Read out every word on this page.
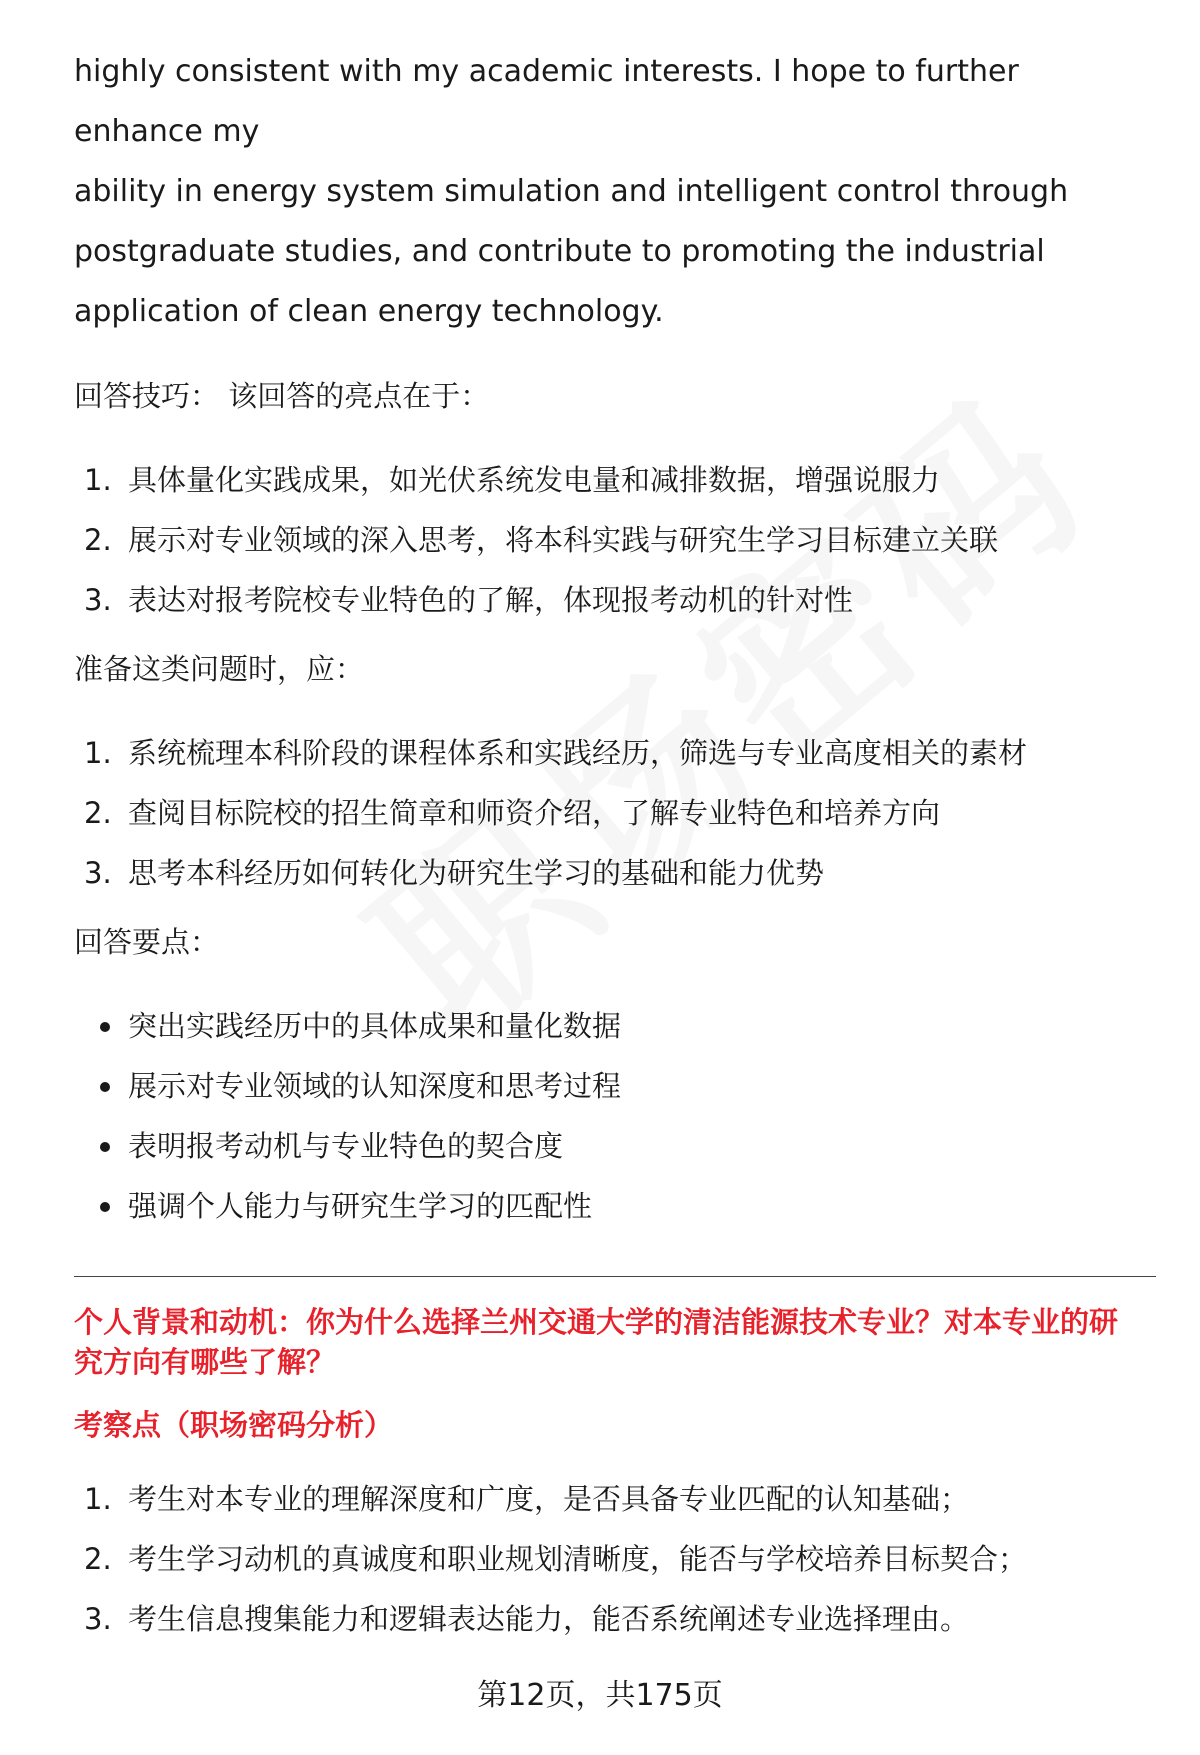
highly consistent with my academic interests. I hope to further enhance my

ability in energy system simulation and intelligent control through

postgraduate studies, and contribute to promoting the industrial

application of clean energy technology.

回答技巧： 该回答的亮点在于：

1. 具体量化实践成果，如光伏系统发电量和减排数据，增强说服力
2. 展示对专业领域的深入思考，将本科实践与研究生学习目标建立关联
3. 表达对报考院校专业特色的了解，体现报考动机的针对性

准备这类问题时，应：

1. 系统梳理本科阶段的课程体系和实践经历，筛选与专业高度相关的素材
2. 查阅目标院校的招生简章和师资介绍，了解专业特色和培养方向
3. 思考本科经历如何转化为研究生学习的基础和能力优势

回答要点：

突出实践经历中的具体成果和量化数据
展示对专业领域的认知深度和思考过程
表明报考动机与专业特色的契合度
强调个人能力与研究生学习的匹配性

个人背景和动机：你为什么选择兰州交通大学的清洁能源技术专业？对本专业的研

究方向有哪些了解？

考察点（职场密码分析）

1. 考生对本专业的理解深度和广度，是否具备专业匹配的认知基础；
2. 考生学习动机的真诚度和职业规划清晰度，能否与学校培养目标契合；
3. 考生信息搜集能力和逻辑表达能力，能否系统阐述专业选择理由。
第12页，共175页
